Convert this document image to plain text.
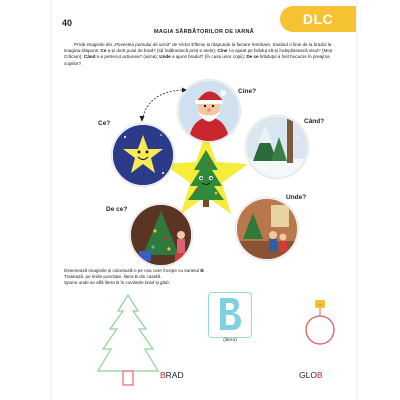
40	DLC
MAGIA SĂRBĂTORILOR DE IARNĂ
Priviți imaginile din „Povestea pomului de iarnă” de Victor Eftimiu și răspunde la fiecare întrebare, trasând o linie de la bradul la imagina-răspuns: Ce a-și dorit puiul de brad? (să întâlnească prinț-o stele); Cine l-a ajutat pe brăduț să-și îndeplinească visul? (Moș Crăciun); Când s-a petrecut acțiunea? (iarna); Unde a ajuns bradul? (în casa unor copii); De ce brăduțul a fost bucuros în preajma copiilor?.
Cine?
Ce?	Când?
Unde?
De ce?
Desenează imaginile și colorează-o pe cea care începe cu sunetul B.
Trasează, pe liniile punctate, litera B din casetă.
Spune unde se află litera B în cuvintele brad și glob.
BRAD
(litera)
GLOB
